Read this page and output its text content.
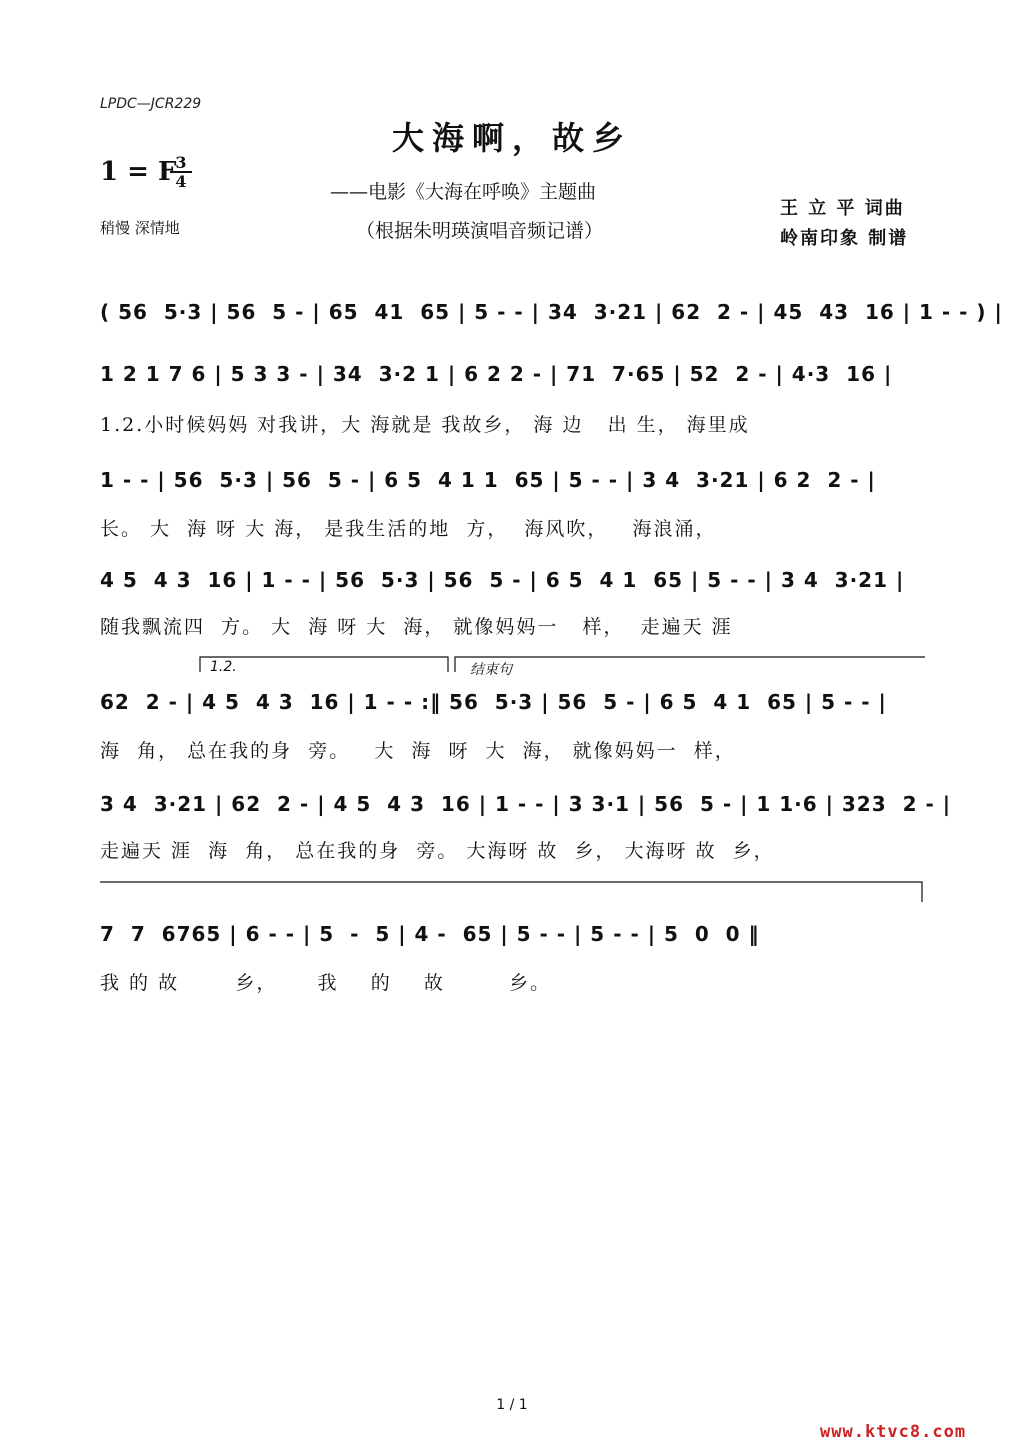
LPDC—JCR229
大海啊，故乡
1 = F
3
4
稍慢 深情地
——电影《大海在呼唤》主题曲
（根据朱明瑛演唱音频记谱）
王 立 平 词曲
岭南印象 制谱
( 56  5·3 | 56  5 - | 65  41  65 | 5 - - | 34  3·21 | 62  2 - | 45  43  16 | 1 - - ) |
1 2 1 7 6 | 5 3 3 - | 34  3·2 1 | 6 2 2 - | 71  7·65 | 52  2 - | 4·3  16 |
1.2.小时候妈妈 对我讲，大 海就是 我故乡， 海 边   出 生， 海里成
1 - - | 56  5·3 | 56  5 - | 6 5  4 1 1  65 | 5 - - | 3 4  3·21 | 6 2  2 - |
长。 大  海 呀 大 海， 是我生活的地  方，  海风吹，   海浪涌，
4 5  4 3  16 | 1 - - | 56  5·3 | 56  5 - | 6 5  4 1  65 | 5 - - | 3 4  3·21 |
随我飘流四  方。 大  海 呀 大  海， 就像妈妈一   样，  走遍天 涯
1.2.	结束句
62  2 - | 4 5  4 3  16 | 1 - - :‖ 56  5·3 | 56  5 - | 6 5  4 1  65 | 5 - - |
海  角， 总在我的身  旁。   大  海  呀  大  海， 就像妈妈一  样，
3 4  3·21 | 62  2 - | 4 5  4 3  16 | 1 - - | 3 3·1 | 56  5 - | 1 1·6 | 323  2 - |
走遍天 涯  海  角， 总在我的身  旁。 大海呀 故  乡， 大海呀 故  乡，
7  7  6765 | 6 - - | 5  -  5 | 4 -  65 | 5 - - | 5 - - | 5  0  0 ‖
我 的 故       乡，     我    的    故        乡。
1 / 1
www.ktvc8.com
